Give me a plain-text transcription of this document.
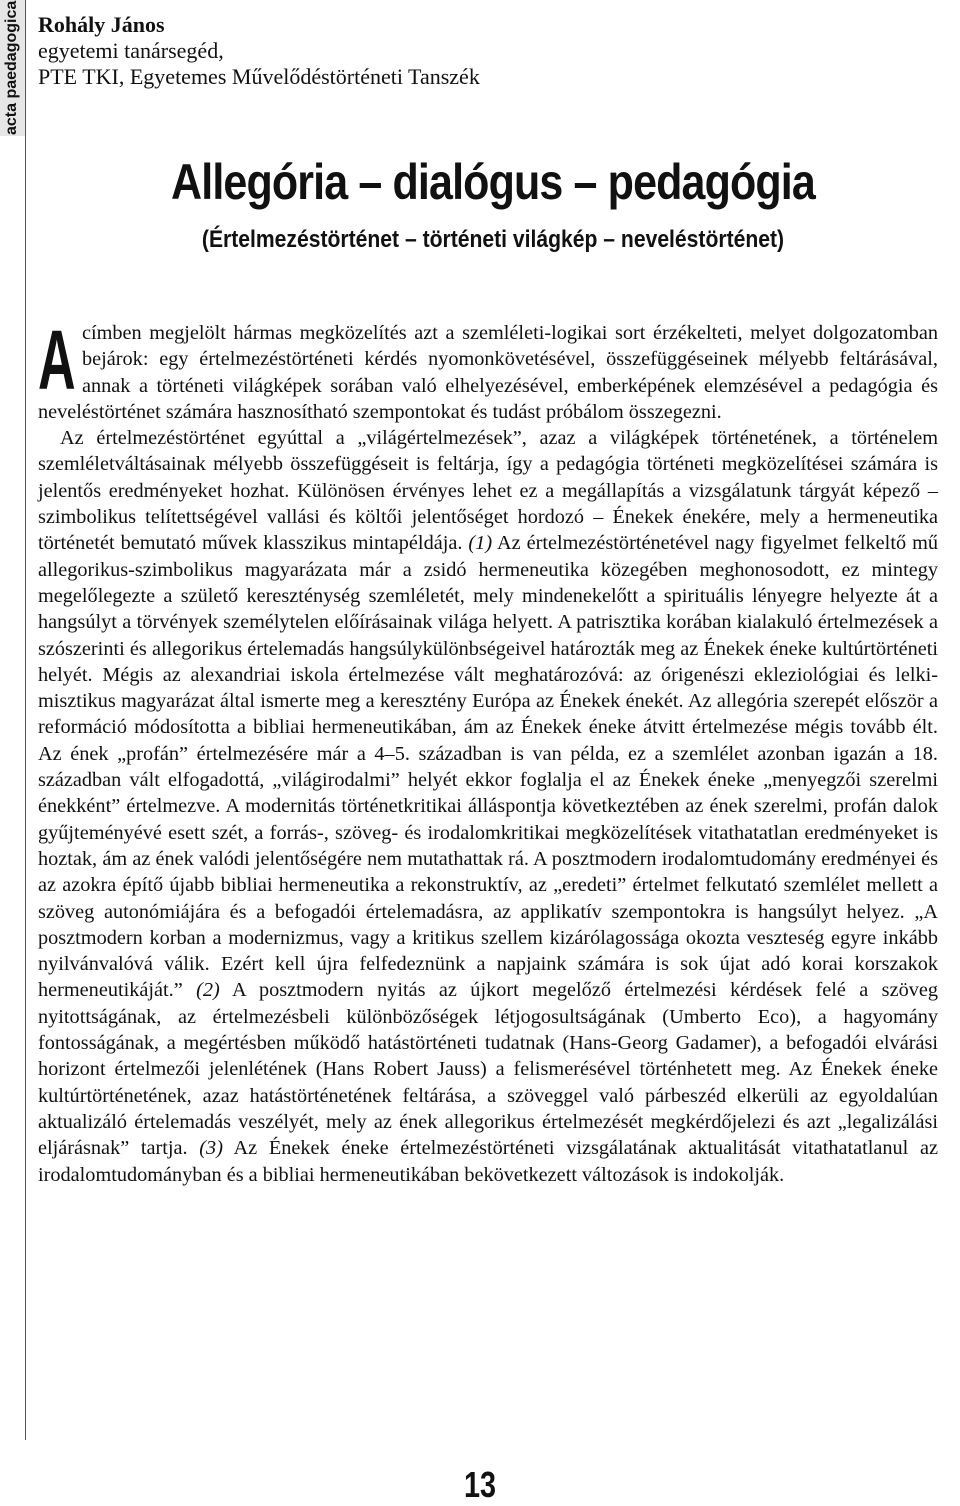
acta paedagogica Rohály János
egyetemi tanársegéd,
PTE TKI, Egyetemes Művelődéstörténeti Tanszék
Allegória – dialógus – pedagógia
(Értelmezéstörténet – történeti világkép – neveléstörténet)

Acímben megjelölt hármas megközelítés azt a szemléleti-logikai sort érzékelteti, melyet dolgozatomban bejárok: egy értelmezéstörténeti kérdés nyomonkövetésével, összefüggéseinek mélyebb feltárásával, annak a történeti világképek sorában való elhelyezésével, emberképének elemzésével a pedagógia és neveléstörténet számára hasznosítható szempontokat és tudást próbálom összegezni.

Az értelmezéstörténet egyúttal a „világértelmezések”, azaz a világképek történetének, a történelem szemléletváltásainak mélyebb összefüggéseit is feltárja, így a pedagógia történeti megközelítései számára is jelentős eredményeket hozhat. Különösen érvényes lehet ez a megállapítás a vizsgálatunk tárgyát képező – szimbolikus telítettségével vallási és költői jelentőséget hordozó – Énekek énekére, mely a hermeneutika történetét bemutató művek klasszikus mintapéldája. (1) Az értelmezéstörténetével nagy figyelmet felkeltő mű allegorikus-szimbolikus magyarázata már a zsidó hermeneutika közegében meghonosodott, ez mintegy megelőlegezte a születő kereszténység szemléletét, mely mindenekelőtt a spirituális lényegre helyezte át a hangsúlyt a törvények személytelen előírásainak világa helyett. A patrisztika korában kialakuló értelmezések a szószerinti és allegorikus értelemadás hangsúlykülönbségeivel határozták meg az Énekek éneke kultúrtörténeti helyét. Mégis az alexandriai iskola értelmezése vált meghatározóvá: az órigenészi ekleziológiai és lelki-misztikus magyarázat által ismerte meg a keresztény Európa az Énekek énekét. Az allegória szerepét először a reformáció módosította a bibliai hermeneutikában, ám az Énekek éneke átvitt értelmezése mégis tovább élt. Az ének „profán” értelmezésére már a 4–5. században is van példa, ez a szemlélet azonban igazán a 18. században vált elfogadottá, „világirodalmi” helyét ekkor foglalja el az Énekek éneke „menyegzői szerelmi énekként” értelmezve. A modernitás történetkritikai álláspontja következtében az ének szerelmi, profán dalok gyűjteményévé esett szét, a forrás-, szöveg- és irodalomkritikai megközelítések vitathatatlan eredményeket is hoztak, ám az ének valódi jelentőségére nem mutathattak rá. A posztmodern irodalomtudomány eredményei és az azokra építő újabb bibliai hermeneutika a rekonstruktív, az „eredeti” értelmet felkutató szemlélet mellett a szöveg autonómiájára és a befogadói értelemadásra, az applikatív szempontokra is hangsúlyt helyez. „A posztmodern korban a modernizmus, vagy a kritikus szellem kizárólagossága okozta veszteség egyre inkább nyilvánvalóvá válik. Ezért kell újra felfedeznünk a napjaink számára is sok újat adó korai korszakok hermeneutikáját.” (2) A posztmodern nyitás az újkort megelőző értelmezési kérdések felé a szöveg nyitottságának, az értelmezésbeli különbözőségek létjogosultságának (Umberto Eco), a hagyomány fontosságának, a megértésben működő hatástörténeti tudatnak (Hans-Georg Gadamer), a befogadói elvárási horizont értelmezői jelenlétének (Hans Robert Jauss) a felismerésével történhetett meg. Az Énekek éneke kultúrtörténetének, azaz hatástörténetének feltárása, a szöveggel való párbeszéd elkerüli az egyoldalúan aktualizáló értelemadás veszélyét, mely az ének allegorikus értelmezését megkérdőjelezi és azt „legalizálási eljárásnak” tartja. (3) Az Énekek éneke értelmezéstörténeti vizsgálatának aktualitását vitathatatlanul az irodalomtudományban és a bibliai hermeneutikában bekövetkezett változások is indokolják.

13
